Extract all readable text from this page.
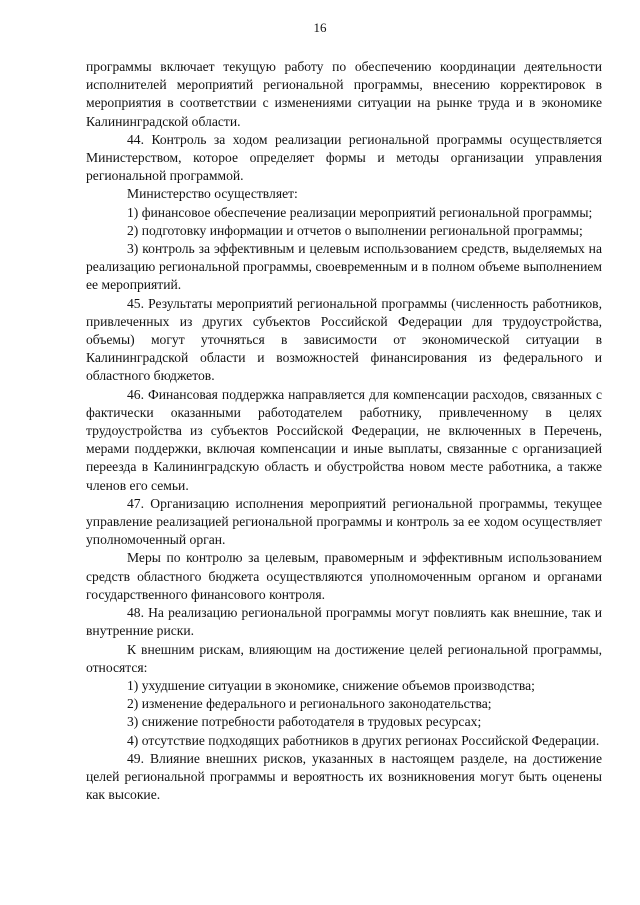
16

программы включает текущую работу по обеспечению координации деятельности исполнителей мероприятий региональной программы, внесению корректировок в мероприятия в соответствии с изменениями ситуации на рынке труда и в экономике Калининградской области.

44. Контроль за ходом реализации региональной программы осуществляется Министерством, которое определяет формы и методы организации управления региональной программой.

Министерство осуществляет:

1) финансовое обеспечение реализации мероприятий региональной программы;

2) подготовку информации и отчетов о выполнении региональной программы;

3) контроль за эффективным и целевым использованием средств, выделяемых на реализацию региональной программы, своевременным и в полном объеме выполнением ее мероприятий.

45. Результаты мероприятий региональной программы (численность работников, привлеченных из других субъектов Российской Федерации для трудоустройства, объемы) могут уточняться в зависимости от экономической ситуации в Калининградской области и возможностей финансирования из федерального и областного бюджетов.

46. Финансовая поддержка направляется для компенсации расходов, связанных с фактически оказанными работодателем работнику, привлеченному в целях трудоустройства из субъектов Российской Федерации, не включенных в Перечень, мерами поддержки, включая компенсации и иные выплаты, связанные с организацией переезда в Калининградскую область и обустройства новом месте работника, а также членов его семьи.

47. Организацию исполнения мероприятий региональной программы, текущее управление реализацией региональной программы и контроль за ее ходом осуществляет уполномоченный орган.

Меры по контролю за целевым, правомерным и эффективным использованием средств областного бюджета осуществляются уполномоченным органом и органами государственного финансового контроля.

48. На реализацию региональной программы могут повлиять как внешние, так и внутренние риски.

К внешним рискам, влияющим на достижение целей региональной программы, относятся:

1) ухудшение ситуации в экономике, снижение объемов производства;

2) изменение федерального и регионального законодательства;

3) снижение потребности работодателя в трудовых ресурсах;

4) отсутствие подходящих работников в других регионах Российской Федерации.

49. Влияние внешних рисков, указанных в настоящем разделе, на достижение целей региональной программы и вероятность их возникновения могут быть оценены как высокие.
